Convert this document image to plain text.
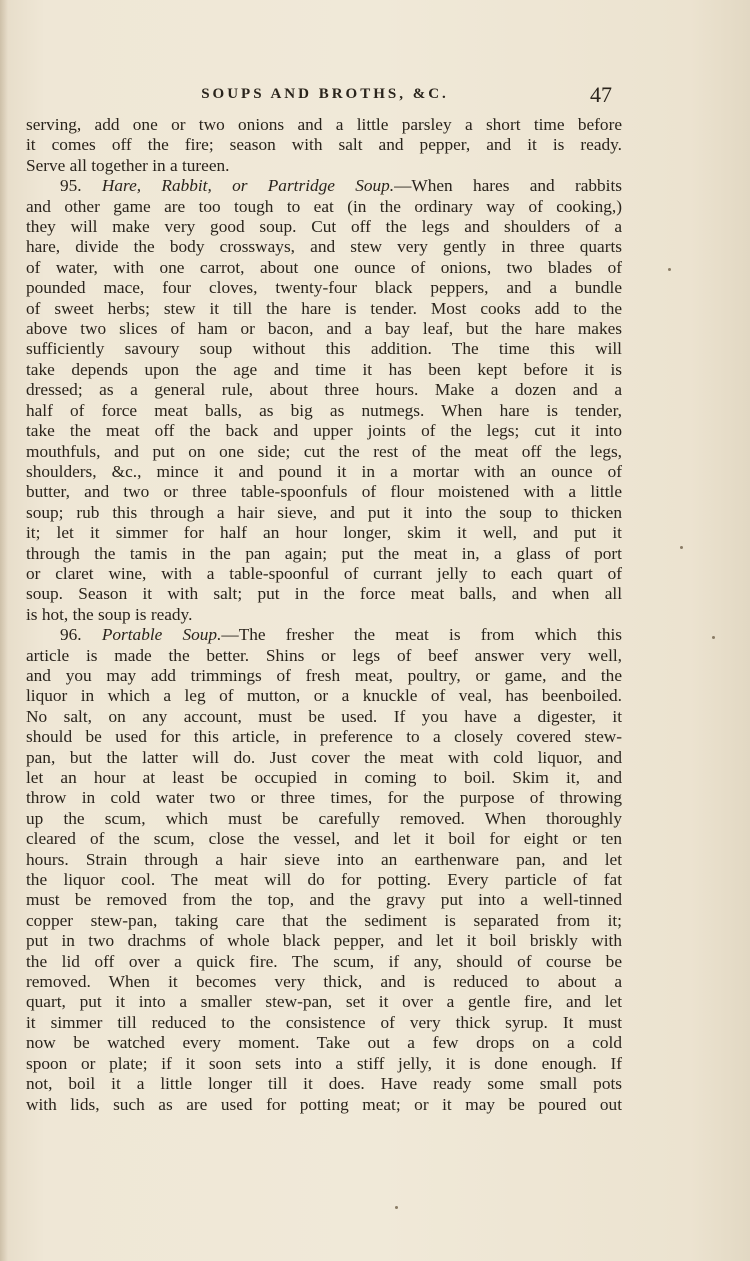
SOUPS AND BROTHS, &C.	47
serving, add one or two onions and a little parsley a short time before
it comes off the fire; season with salt and pepper, and it is ready.
Serve all together in a tureen.
95. Hare, Rabbit, or Partridge Soup.—When hares and rabbits
and other game are too tough to eat (in the ordinary way of cooking,)
they will make very good soup. Cut off the legs and shoulders of a
hare, divide the body crossways, and stew very gently in three quarts
of water, with one carrot, about one ounce of onions, two blades of
pounded mace, four cloves, twenty-four black peppers, and a bundle
of sweet herbs; stew it till the hare is tender. Most cooks add to the
above two slices of ham or bacon, and a bay leaf, but the hare makes
sufficiently savoury soup without this addition. The time this will
take depends upon the age and time it has been kept before it is
dressed; as a general rule, about three hours. Make a dozen and a
half of force meat balls, as big as nutmegs. When hare is tender,
take the meat off the back and upper joints of the legs; cut it into
mouthfuls, and put on one side; cut the rest of the meat off the legs,
shoulders, &c., mince it and pound it in a mortar with an ounce of
butter, and two or three table-spoonfuls of flour moistened with a little
soup; rub this through a hair sieve, and put it into the soup to thicken
it; let it simmer for half an hour longer, skim it well, and put it
through the tamis in the pan again; put the meat in, a glass of port
or claret wine, with a table-spoonful of currant jelly to each quart of
soup. Season it with salt; put in the force meat balls, and when all
is hot, the soup is ready.
96. Portable Soup.—The fresher the meat is from which this
article is made the better. Shins or legs of beef answer very well,
and you may add trimmings of fresh meat, poultry, or game, and the
liquor in which a leg of mutton, or a knuckle of veal, has beenboiled.
No salt, on any account, must be used. If you have a digester, it
should be used for this article, in preference to a closely covered stew-
pan, but the latter will do. Just cover the meat with cold liquor, and
let an hour at least be occupied in coming to boil. Skim it, and
throw in cold water two or three times, for the purpose of throwing
up the scum, which must be carefully removed. When thoroughly
cleared of the scum, close the vessel, and let it boil for eight or ten
hours. Strain through a hair sieve into an earthenware pan, and let
the liquor cool. The meat will do for potting. Every particle of fat
must be removed from the top, and the gravy put into a well-tinned
copper stew-pan, taking care that the sediment is separated from it;
put in two drachms of whole black pepper, and let it boil briskly with
the lid off over a quick fire. The scum, if any, should of course be
removed. When it becomes very thick, and is reduced to about a
quart, put it into a smaller stew-pan, set it over a gentle fire, and let
it simmer till reduced to the consistence of very thick syrup. It must
now be watched every moment. Take out a few drops on a cold
spoon or plate; if it soon sets into a stiff jelly, it is done enough. If
not, boil it a little longer till it does. Have ready some small pots
with lids, such as are used for potting meat; or it may be poured out
